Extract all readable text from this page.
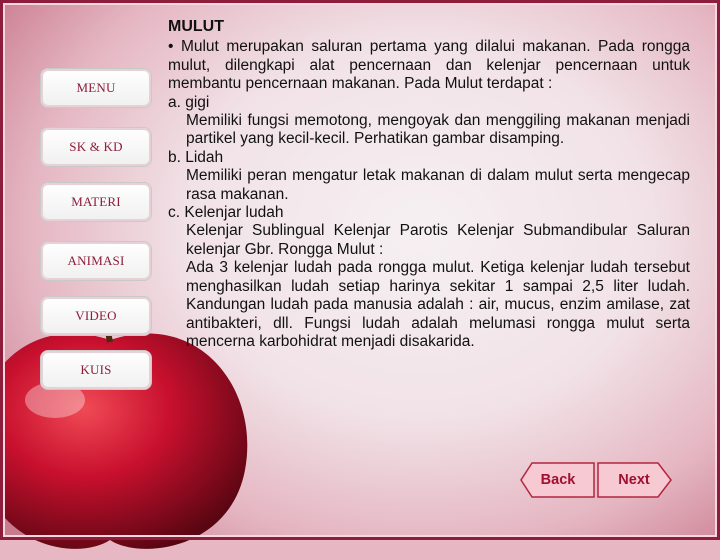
MENU
SK & KD
MATERI
ANIMASI
VIDEO
KUIS
MULUT

• Mulut merupakan saluran pertama yang dilalui makanan. Pada rongga mulut, dilengkapi alat pencernaan dan kelenjar pencernaan untuk membantu pencernaan makanan. Pada Mulut terdapat :

a. gigi

Memiliki fungsi memotong, mengoyak dan menggiling makanan menjadi partikel yang kecil-kecil. Perhatikan gambar disamping.

b. Lidah

Memiliki peran mengatur letak makanan di dalam mulut serta mengecap rasa makanan.

c. Kelenjar ludah

Kelenjar Sublingual Kelenjar Parotis Kelenjar Submandibular Saluran kelenjar Gbr. Rongga Mulut :

Ada 3 kelenjar ludah pada rongga mulut. Ketiga kelenjar ludah tersebut menghasilkan ludah setiap harinya sekitar 1 sampai 2,5 liter ludah. Kandungan ludah pada manusia adalah : air, mucus, enzim amilase, zat antibakteri, dll. Fungsi ludah adalah melumasi rongga mulut serta mencerna karbohidrat menjadi disakarida.

Back	Next
